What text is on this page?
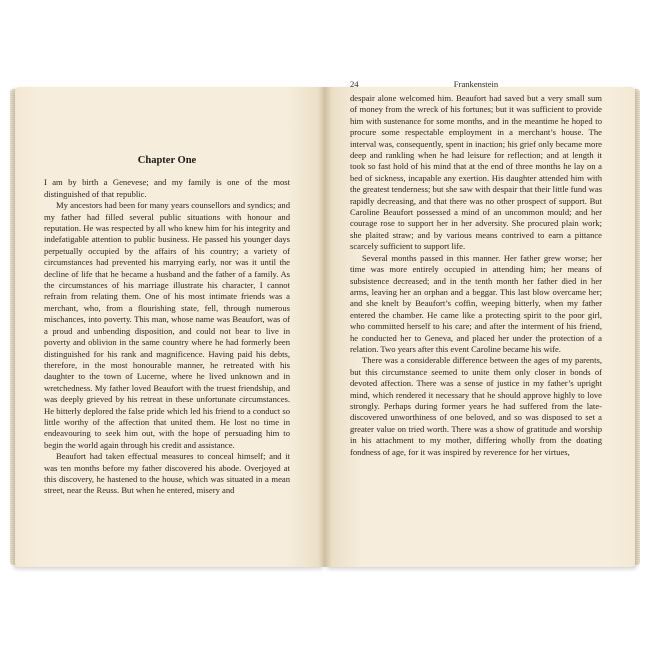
Chapter One

I am by birth a Genevese; and my family is one of the most distinguished of that republic.

My ancestors had been for many years counsellors and syndics; and my father had filled several public situations with honour and reputation. He was respected by all who knew him for his integrity and indefatigable attention to public business. He passed his younger days perpetually occupied by the affairs of his country; a variety of circumstances had prevented his marrying early, nor was it until the decline of life that he became a husband and the father of a family. As the circumstances of his marriage illustrate his character, I cannot refrain from relating them. One of his most intimate friends was a merchant, who, from a flourishing state, fell, through numerous mischances, into poverty. This man, whose name was Beaufort, was of a proud and unbending disposition, and could not bear to live in poverty and oblivion in the same country where he had formerly been distinguished for his rank and magnificence. Having paid his debts, therefore, in the most honourable manner, he retreated with his daughter to the town of Lucerne, where he lived unknown and in wretchedness. My father loved Beaufort with the truest friendship, and was deeply grieved by his retreat in these unfortunate circumstances. He bitterly deplored the false pride which led his friend to a conduct so little worthy of the affection that united them. He lost no time in endeavouring to seek him out, with the hope of persuading him to begin the world again through his credit and assistance.

Beaufort had taken effectual measures to conceal himself; and it was ten months before my father discovered his abode. Overjoyed at this discovery, he hastened to the house, which was situated in a mean street, near the Reuss. But when he entered, misery and

24	Frankenstein

despair alone welcomed him. Beaufort had saved but a very small sum of money from the wreck of his fortunes; but it was sufficient to provide him with sustenance for some months, and in the meantime he hoped to procure some respectable employment in a merchant’s house. The interval was, consequently, spent in inaction; his grief only became more deep and rankling when he had leisure for reflection; and at length it took so fast hold of his mind that at the end of three months he lay on a bed of sickness, incapable any exertion. His daughter attended him with the greatest tenderness; but she saw with despair that their little fund was rapidly decreasing, and that there was no other prospect of support. But Caroline Beaufort possessed a mind of an uncommon mould; and her courage rose to support her in her adversity. She procured plain work; she plaited straw; and by various means contrived to earn a pittance scarcely sufficient to support life.

Several months passed in this manner. Her father grew worse; her time was more entirely occupied in attending him; her means of subsistence decreased; and in the tenth month her father died in her arms, leaving her an orphan and a beggar. This last blow overcame her; and she knelt by Beaufort’s coffin, weeping bitterly, when my father entered the chamber. He came like a protecting spirit to the poor girl, who committed herself to his care; and after the interment of his friend, he conducted her to Geneva, and placed her under the protection of a relation. Two years after this event Caroline became his wife.

There was a considerable difference between the ages of my parents, but this circumstance seemed to unite them only closer in bonds of devoted affection. There was a sense of justice in my father’s upright mind, which rendered it necessary that he should approve highly to love strongly. Perhaps during former years he had suffered from the late-discovered unworthiness of one beloved, and so was disposed to set a greater value on tried worth. There was a show of gratitude and worship in his attachment to my mother, differing wholly from the doating fondness of age, for it was inspired by reverence for her virtues,
